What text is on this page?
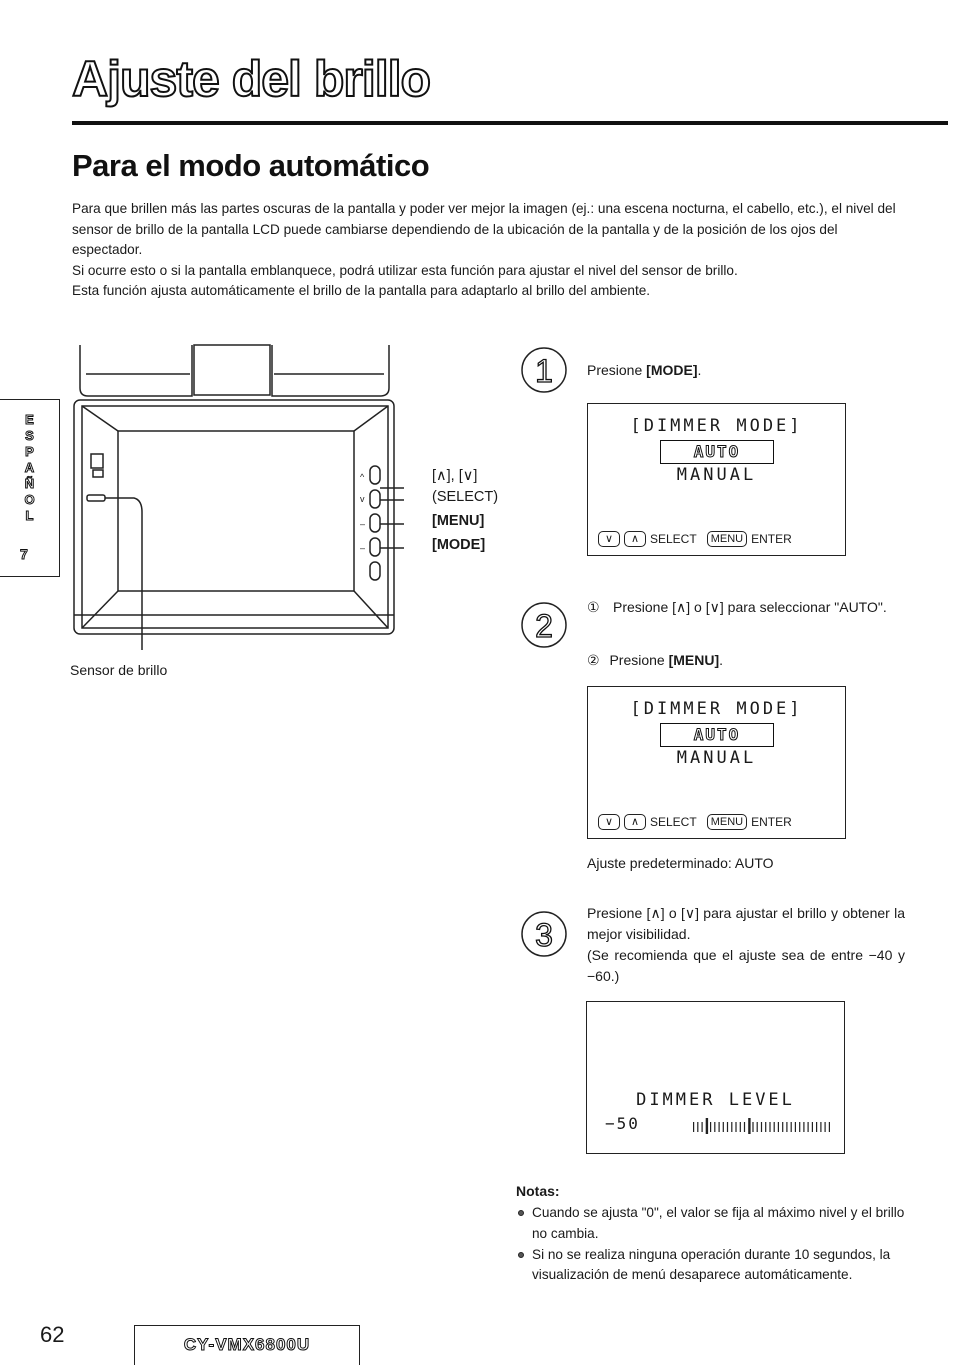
Ajuste del brillo
Para el modo automático

Para que brillen más las partes oscuras de la pantalla y poder ver mejor la imagen (ej.: una escena nocturna, el cabello, etc.), el nivel del sensor de brillo de la pantalla LCD puede cambiarse dependiendo de la ubicación de la pantalla y de la posición de los ojos del espectador.

Si ocurre esto o si la pantalla emblanquece, podrá utilizar esta función para ajustar el nivel del sensor de brillo.

Esta función ajusta automáticamente el brillo de la pantalla para adaptarlo al brillo del ambiente.

ESPAÑOL
7
^
v
–
–
[∧], [∨]
(SELECT)
[MENU]
[MODE]
Sensor de brillo
1 Presione [MODE].
[DIMMER MODE]
AUTO
MANUAL
∨	∧ SELECT	MENU ENTER
2
① Presione [∧] o [∨] para seleccionar "AUTO".
② Presione [MENU].
[DIMMER MODE]
AUTO
MANUAL
∨	∧ SELECT	MENU ENTER
Ajuste predeterminado: AUTO
3
Presione [∧] o [∨] para ajustar el brillo y obtener la mejor visibilidad.
(Se recomienda que el ajuste sea de entre −40 y −60.)
DIMMER LEVEL
−50
Notas:
Cuando se ajusta "0", el valor se fija al máximo nivel y el brillo no cambia.
Si no se realiza ninguna operación durante 10 segundos, la visualización de menú desaparece automáticamente.
62	CY-VMX6800U
